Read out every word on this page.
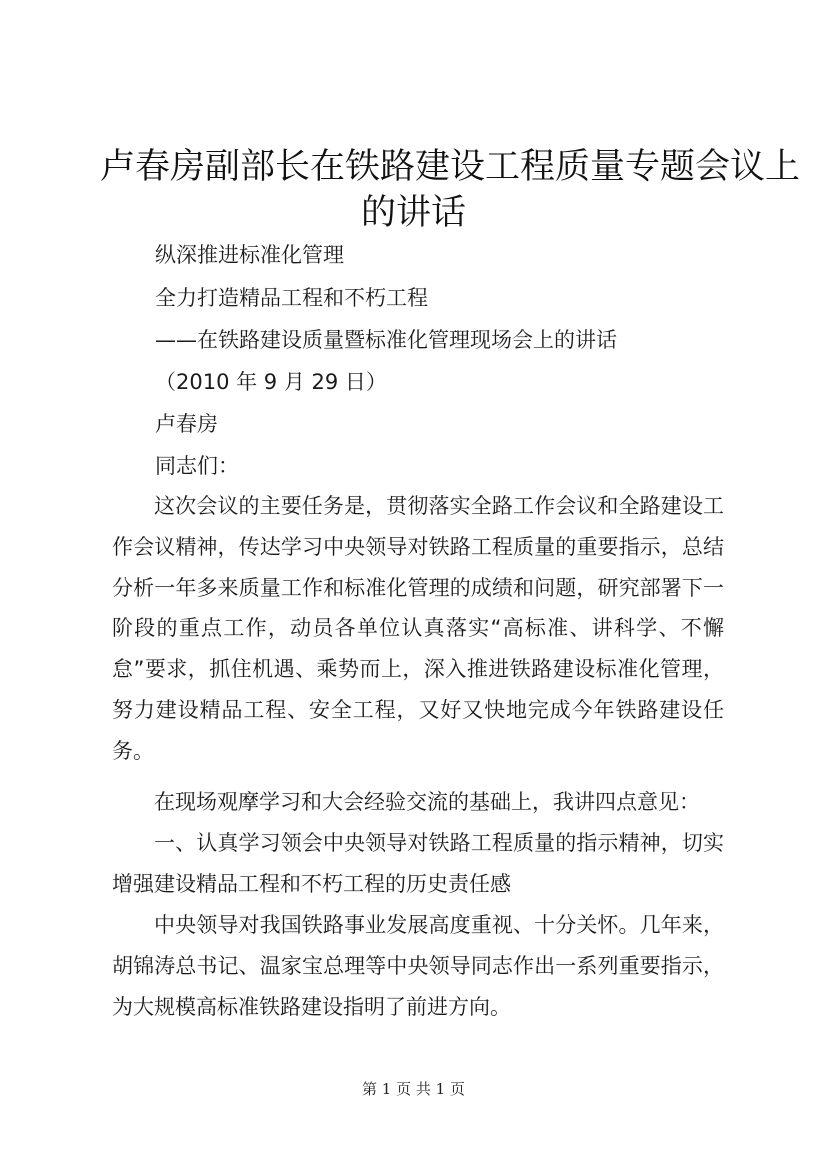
卢春房副部长在铁路建设工程质量专题会议上
的讲话
纵深推进标准化管理
全力打造精品工程和不朽工程
——在铁路建设质量暨标准化管理现场会上的讲话
（2010 年 9 月 29 日）
卢春房
同志们：
这次会议的主要任务是，贯彻落实全路工作会议和全路建设工作会议精神，传达学习中央领导对铁路工程质量的重要指示，总结分析一年多来质量工作和标准化管理的成绩和问题，研究部署下一阶段的重点工作，动员各单位认真落实“高标准、讲科学、不懈怠”要求，抓住机遇、乘势而上，深入推进铁路建设标准化管理，努力建设精品工程、安全工程，又好又快地完成今年铁路建设任务。
在现场观摩学习和大会经验交流的基础上，我讲四点意见：
一、认真学习领会中央领导对铁路工程质量的指示精神，切实增强建设精品工程和不朽工程的历史责任感
中央领导对我国铁路事业发展高度重视、十分关怀。几年来，胡锦涛总书记、温家宝总理等中央领导同志作出一系列重要指示，为大规模高标准铁路建设指明了前进方向。
第 1 页 共 1 页
